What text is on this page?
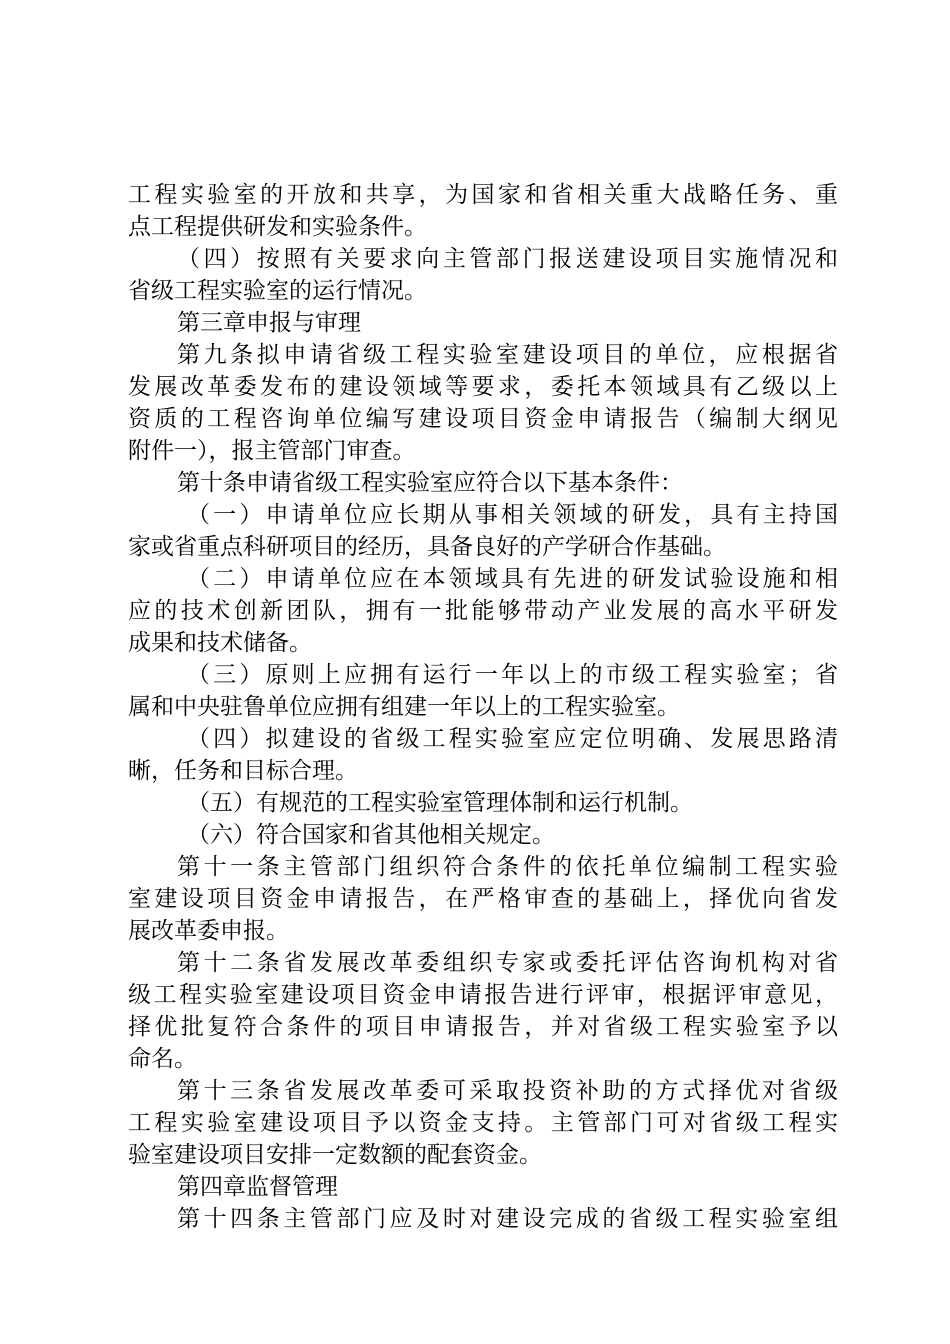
工程实验室的开放和共享，为国家和省相关重大战略任务、重
点工程提供研发和实验条件。
（四）按照有关要求向主管部门报送建设项目实施情况和
省级工程实验室的运行情况。
第三章申报与审理
第九条拟申请省级工程实验室建设项目的单位，应根据省
发展改革委发布的建设领域等要求，委托本领域具有乙级以上
资质的工程咨询单位编写建设项目资金申请报告（编制大纲见
附件一），报主管部门审查。
第十条申请省级工程实验室应符合以下基本条件：
（一）申请单位应长期从事相关领域的研发，具有主持国
家或省重点科研项目的经历，具备良好的产学研合作基础。
（二）申请单位应在本领域具有先进的研发试验设施和相
应的技术创新团队，拥有一批能够带动产业发展的高水平研发
成果和技术储备。
（三）原则上应拥有运行一年以上的市级工程实验室；省
属和中央驻鲁单位应拥有组建一年以上的工程实验室。
（四）拟建设的省级工程实验室应定位明确、发展思路清
晰，任务和目标合理。
（五）有规范的工程实验室管理体制和运行机制。
（六）符合国家和省其他相关规定。
第十一条主管部门组织符合条件的依托单位编制工程实验
室建设项目资金申请报告，在严格审查的基础上，择优向省发
展改革委申报。
第十二条省发展改革委组织专家或委托评估咨询机构对省
级工程实验室建设项目资金申请报告进行评审，根据评审意见，
择优批复符合条件的项目申请报告，并对省级工程实验室予以
命名。
第十三条省发展改革委可采取投资补助的方式择优对省级
工程实验室建设项目予以资金支持。主管部门可对省级工程实
验室建设项目安排一定数额的配套资金。
第四章监督管理
第十四条主管部门应及时对建设完成的省级工程实验室组
